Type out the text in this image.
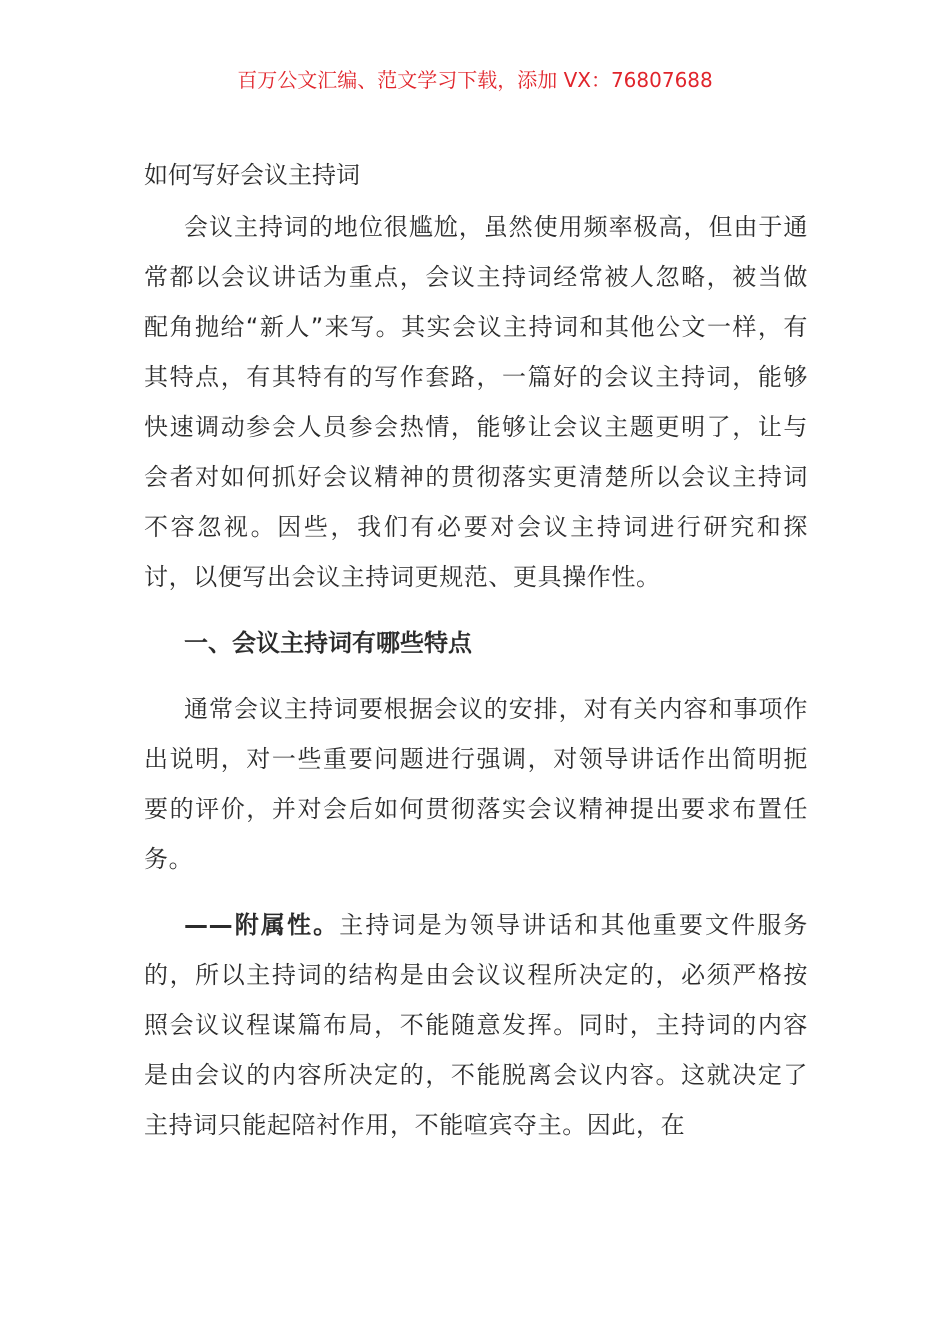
百万公文汇编、范文学习下载，添加 VX：76807688
如何写好会议主持词

会议主持词的地位很尴尬，虽然使用频率极高，但由于通常都以会议讲话为重点，会议主持词经常被人忽略，被当做配角抛给“新人”来写。其实会议主持词和其他公文一样，有其特点，有其特有的写作套路，一篇好的会议主持词，能够快速调动参会人员参会热情，能够让会议主题更明了，让与会者对如何抓好会议精神的贯彻落实更清楚所以会议主持词不容忽视。因些，我们有必要对会议主持词进行研究和探讨，以便写出会议主持词更规范、更具操作性。

一、会议主持词有哪些特点

通常会议主持词要根据会议的安排，对有关内容和事项作出说明，对一些重要问题进行强调，对领导讲话作出简明扼要的评价，并对会后如何贯彻落实会议精神提出要求布置任务。

——附属性。主持词是为领导讲话和其他重要文件服务的，所以主持词的结构是由会议议程所决定的，必须严格按照会议议程谋篇布局，不能随意发挥。同时，主持词的内容是由会议的内容所决定的，不能脱离会议内容。这就决定了主持词只能起陪衬作用，不能喧宾夺主。因此，在
